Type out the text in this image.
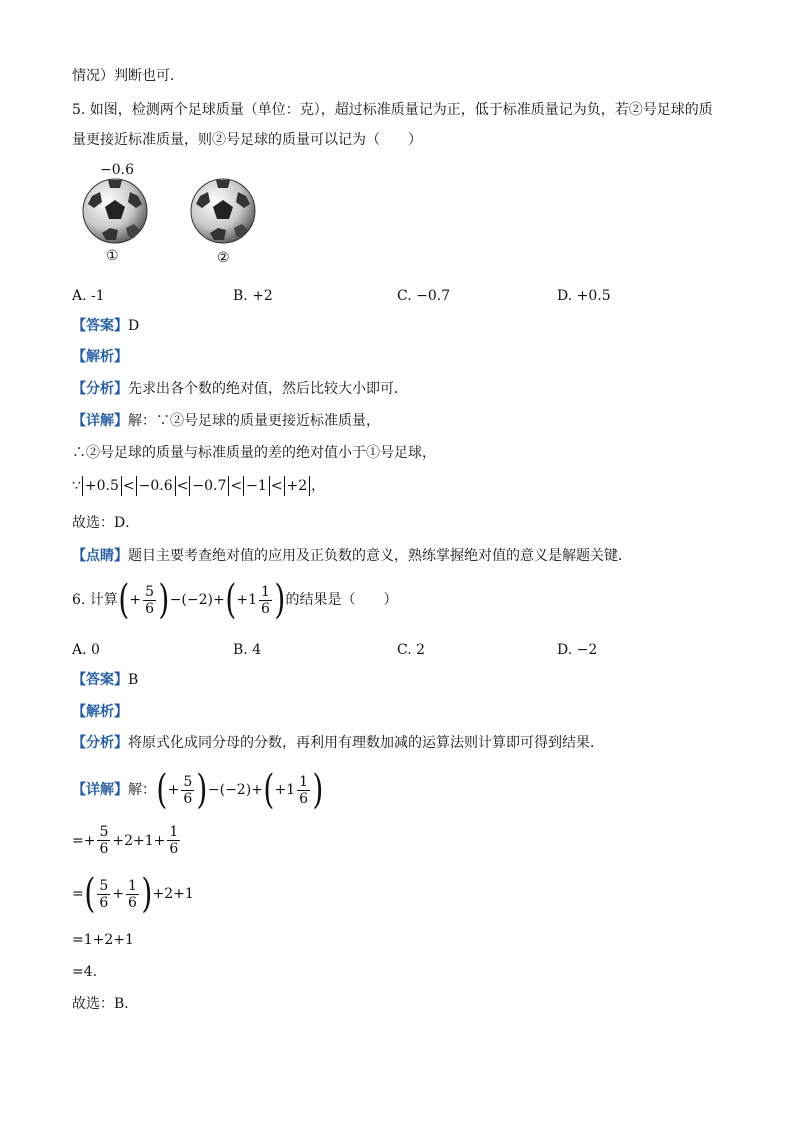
情况）判断也可．
5. 如图，检测两个足球质量（单位：克），超过标准质量记为正，低于标准质量记为负，若②号足球的质
量更接近标准质量，则②号足球的质量可以记为（　　）
−0.6
①	②
A. -1	B. +2	C. −0.7	D. +0.5
【答案】D
【解析】
【分析】先求出各个数的绝对值，然后比较大小即可．
【详解】解：∵②号足球的质量更接近标准质量，
∴②号足球的质量与标准质量的差的绝对值小于①号足球，
∵ +0.5 < −0.6 < −0.7 < −1 < +2 ，
故选：D．
【点睛】题目主要考查绝对值的应用及正负数的意义，熟练掌握绝对值的意义是解题关键．
6. 计算 ( + $\frac{5}{6}$ ) − (−2) + ( + $1 \frac{1}{6}$ ) 的结果是（　　）
A. 0	B. 4	C. 2	D. −2
【答案】B
【解析】
【分析】将原式化成同分母的分数，再利用有理数加减的运算法则计算即可得到结果．
【详解】 解： ( + $\frac{5}{6}$ ) − (−2) + ( + $1 \frac{1}{6}$ )
=+ $\frac{5}{6} +2+1+ \frac{1}{6}$
= ( $\frac{5}{6} + \frac{1}{6}$ ) +2+1
=1+2+1
=4．
故选：B．
